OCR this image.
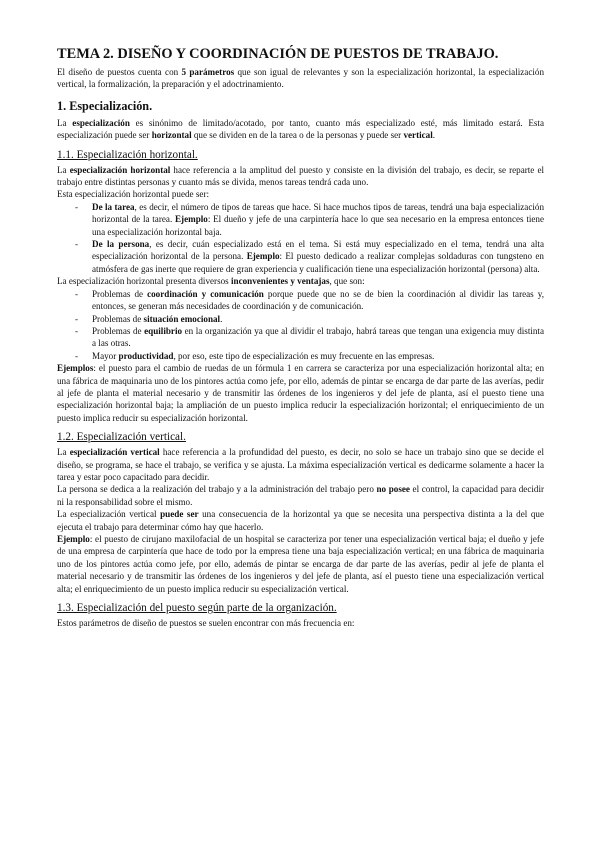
TEMA 2. DISEÑO Y COORDINACIÓN DE PUESTOS DE TRABAJO.

El diseño de puestos cuenta con 5 parámetros que son igual de relevantes y son la especialización horizontal, la especialización vertical, la formalización, la preparación y el adoctrinamiento.

1. Especialización.

La especialización es sinónimo de limitado/acotado, por tanto, cuanto más especializado esté, más limitado estará. Esta especialización puede ser horizontal que se dividen en de la tarea o de la personas y puede ser vertical.

1.1. Especialización horizontal.

La especialización horizontal hace referencia a la amplitud del puesto y consiste en la división del trabajo, es decir, se reparte el trabajo entre distintas personas y cuanto más se divida, menos tareas tendrá cada uno.

Esta especialización horizontal puede ser:

- De la tarea, es decir, el número de tipos de tareas que hace. Si hace muchos tipos de tareas, tendrá una baja especialización horizontal de la tarea. Ejemplo: El dueño y jefe de una carpintería hace lo que sea necesario en la empresa entonces tiene una especialización horizontal baja.
- De la persona, es decir, cuán especializado está en el tema. Si está muy especializado en el tema, tendrá una alta especialización horizontal de la persona. Ejemplo: El puesto dedicado a realizar complejas soldaduras con tungsteno en atmósfera de gas inerte que requiere de gran experiencia y cualificación tiene una especialización horizontal (persona) alta.

La especialización horizontal presenta diversos inconvenientes y ventajas, que son:

- Problemas de coordinación y comunicación porque puede que no se de bien la coordinación al dividir las tareas y, entonces, se generan más necesidades de coordinación y de comunicación.
- Problemas de situación emocional.
- Problemas de equilibrio en la organización ya que al dividir el trabajo, habrá tareas que tengan una exigencia muy distinta a las otras.
- Mayor productividad, por eso, este tipo de especialización es muy frecuente en las empresas.

Ejemplos: el puesto para el cambio de ruedas de un fórmula 1 en carrera se caracteriza por una especialización horizontal alta; en una fábrica de maquinaria uno de los pintores actúa como jefe, por ello, además de pintar se encarga de dar parte de las averías, pedir al jefe de planta el material necesario y de transmitir las órdenes de los ingenieros y del jefe de planta, así el puesto tiene una especialización horizontal baja; la ampliación de un puesto implica reducir la especialización horizontal; el enriquecimiento de un puesto implica reducir su especialización horizontal.

1.2. Especialización vertical.

La especialización vertical hace referencia a la profundidad del puesto, es decir, no solo se hace un trabajo sino que se decide el diseño, se programa, se hace el trabajo, se verifica y se ajusta. La máxima especialización vertical es dedicarme solamente a hacer la tarea y estar poco capacitado para decidir.

La persona se dedica a la realización del trabajo y a la administración del trabajo pero no posee el control, la capacidad para decidir ni la responsabilidad sobre el mismo.

La especialización vertical puede ser una consecuencia de la horizontal ya que se necesita una perspectiva distinta a la del que ejecuta el trabajo para determinar cómo hay que hacerlo.

Ejemplo: el puesto de cirujano maxilofacial de un hospital se caracteriza por tener una especialización vertical baja; el dueño y jefe de una empresa de carpintería que hace de todo por la empresa tiene una baja especialización vertical; en una fábrica de maquinaria uno de los pintores actúa como jefe, por ello, además de pintar se encarga de dar parte de las averías, pedir al jefe de planta el material necesario y de transmitir las órdenes de los ingenieros y del jefe de planta, así el puesto tiene una especialización vertical alta; el enriquecimiento de un puesto implica reducir su especialización vertical.

1.3. Especialización del puesto según parte de la organización.

Estos parámetros de diseño de puestos se suelen encontrar con más frecuencia en:
